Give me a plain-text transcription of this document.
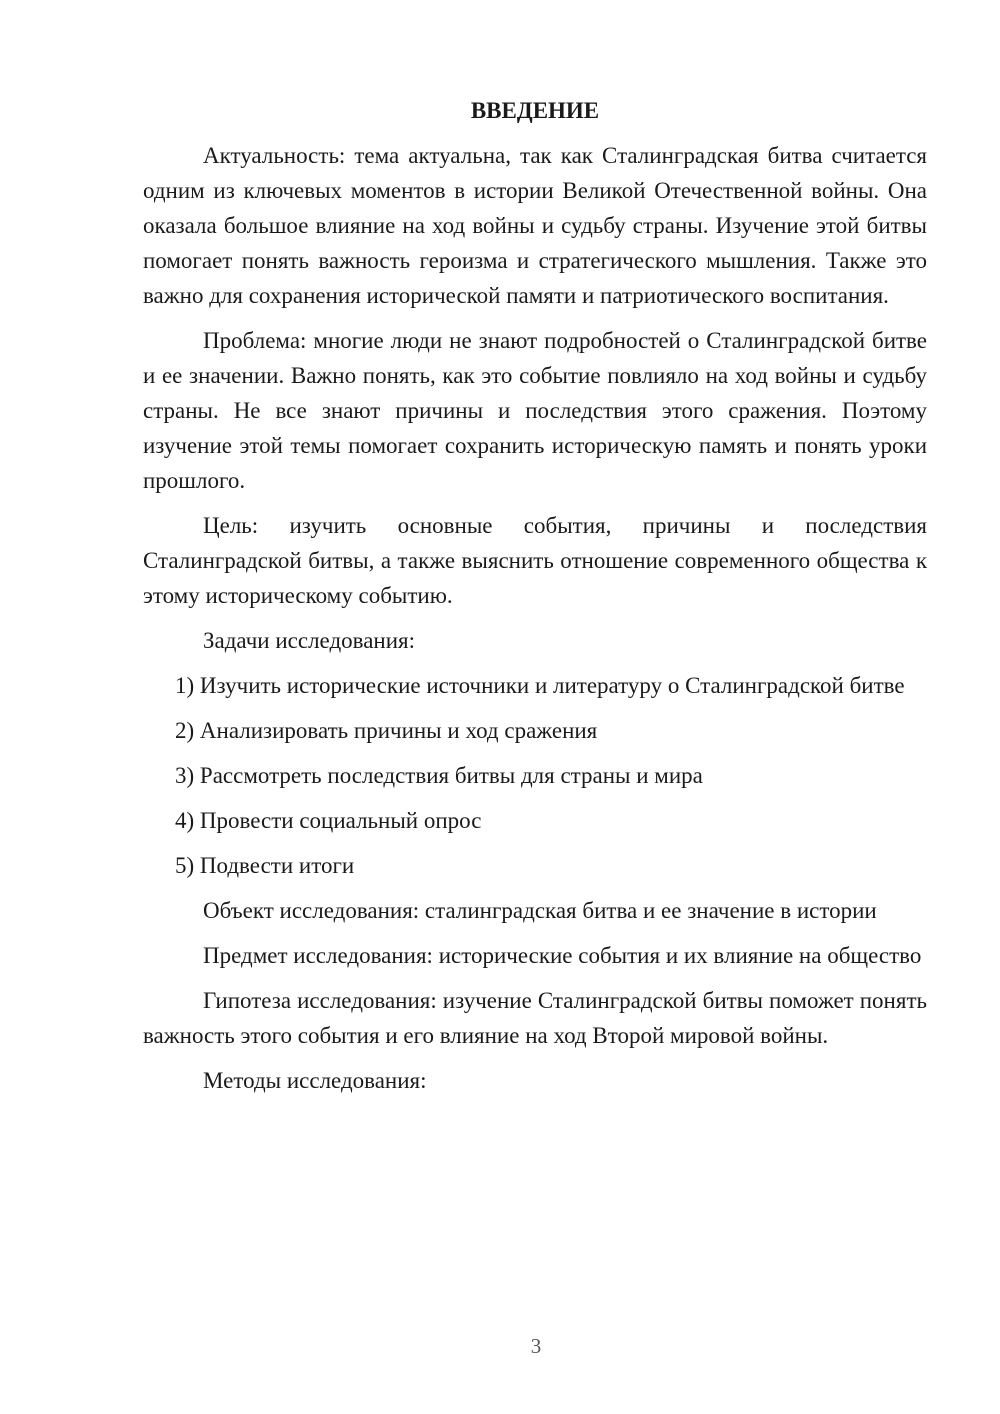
ВВЕДЕНИЕ

Актуальность: тема актуальна, так как Сталинградская битва считается одним из ключевых моментов в истории Великой Отечественной войны. Она оказала большое влияние на ход войны и судьбу страны. Изучение этой битвы помогает понять важность героизма и стратегического мышления. Также это важно для сохранения исторической памяти и патриотического воспитания.

Проблема: многие люди не знают подробностей о Сталинградской битве и ее значении. Важно понять, как это событие повлияло на ход войны и судьбу страны. Не все знают причины и последствия этого сражения. Поэтому изучение этой темы помогает сохранить историческую память и понять уроки прошлого.

Цель: изучить основные события, причины и последствия Сталинградской битвы, а также выяснить отношение современного общества к этому историческому событию.

Задачи исследования:

1) Изучить исторические источники и литературу о Сталинградской битве

2) Анализировать причины и ход сражения

3) Рассмотреть последствия битвы для страны и мира

4) Провести социальный опрос

5) Подвести итоги

Объект исследования: сталинградская битва и ее значение в истории

Предмет исследования: исторические события и их влияние на общество

Гипотеза исследования: изучение Сталинградской битвы поможет понять важность этого события и его влияние на ход Второй мировой войны.

Методы исследования:

3
